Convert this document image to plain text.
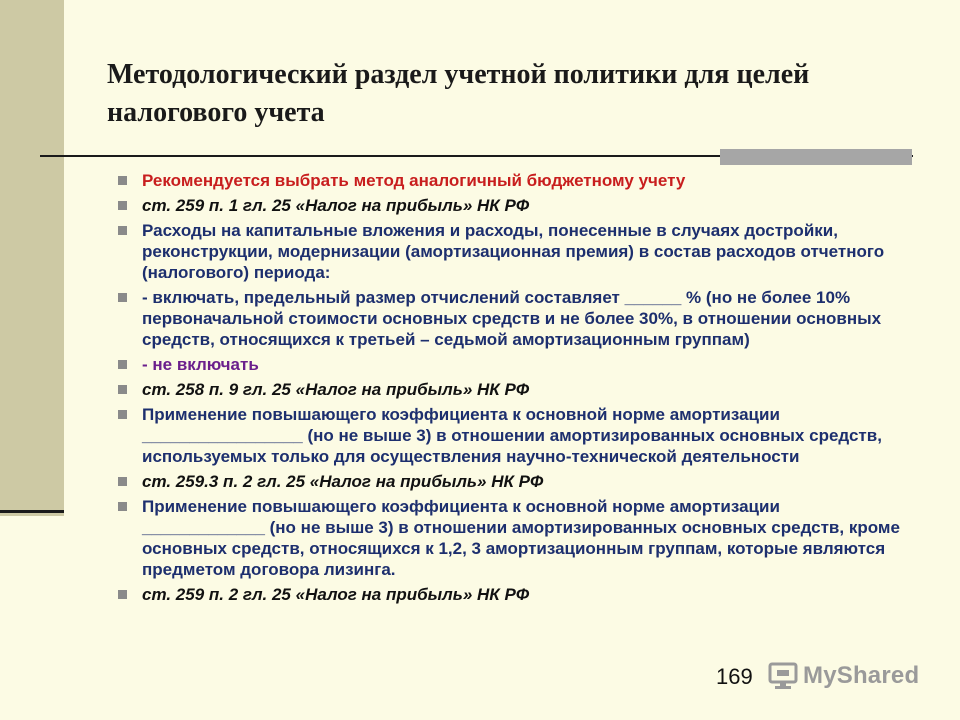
Методологический раздел учетной политики для целей налогового учета
Рекомендуется выбрать метод аналогичный бюджетному учету
ст. 259 п. 1 гл. 25 «Налог на прибыль» НК РФ
Расходы на капитальные вложения и расходы, понесенные в случаях достройки, реконструкции, модернизации (амортизационная премия) в состав расходов отчетного (налогового) периода:
- включать, предельный размер отчислений составляет ______ % (но не более 10% первоначальной стоимости основных средств и не более 30%, в отношении основных средств, относящихся к третьей – седьмой амортизационным группам)
- не включать
ст. 258 п. 9 гл. 25 «Налог на прибыль» НК РФ
Применение повышающего коэффициента к основной норме амортизации _________________ (но не выше 3) в отношении амортизированных основных средств, используемых только для осуществления научно-технической деятельности
ст. 259.3 п. 2 гл. 25 «Налог на прибыль» НК РФ
Применение повышающего коэффициента к основной норме амортизации _____________ (но не выше 3) в отношении амортизированных основных средств, кроме основных средств, относящихся к 1,2, 3 амортизационным группам, которые являются предметом договора лизинга.
ст. 259 п. 2 гл. 25 «Налог на прибыль» НК РФ
169 MyShared
